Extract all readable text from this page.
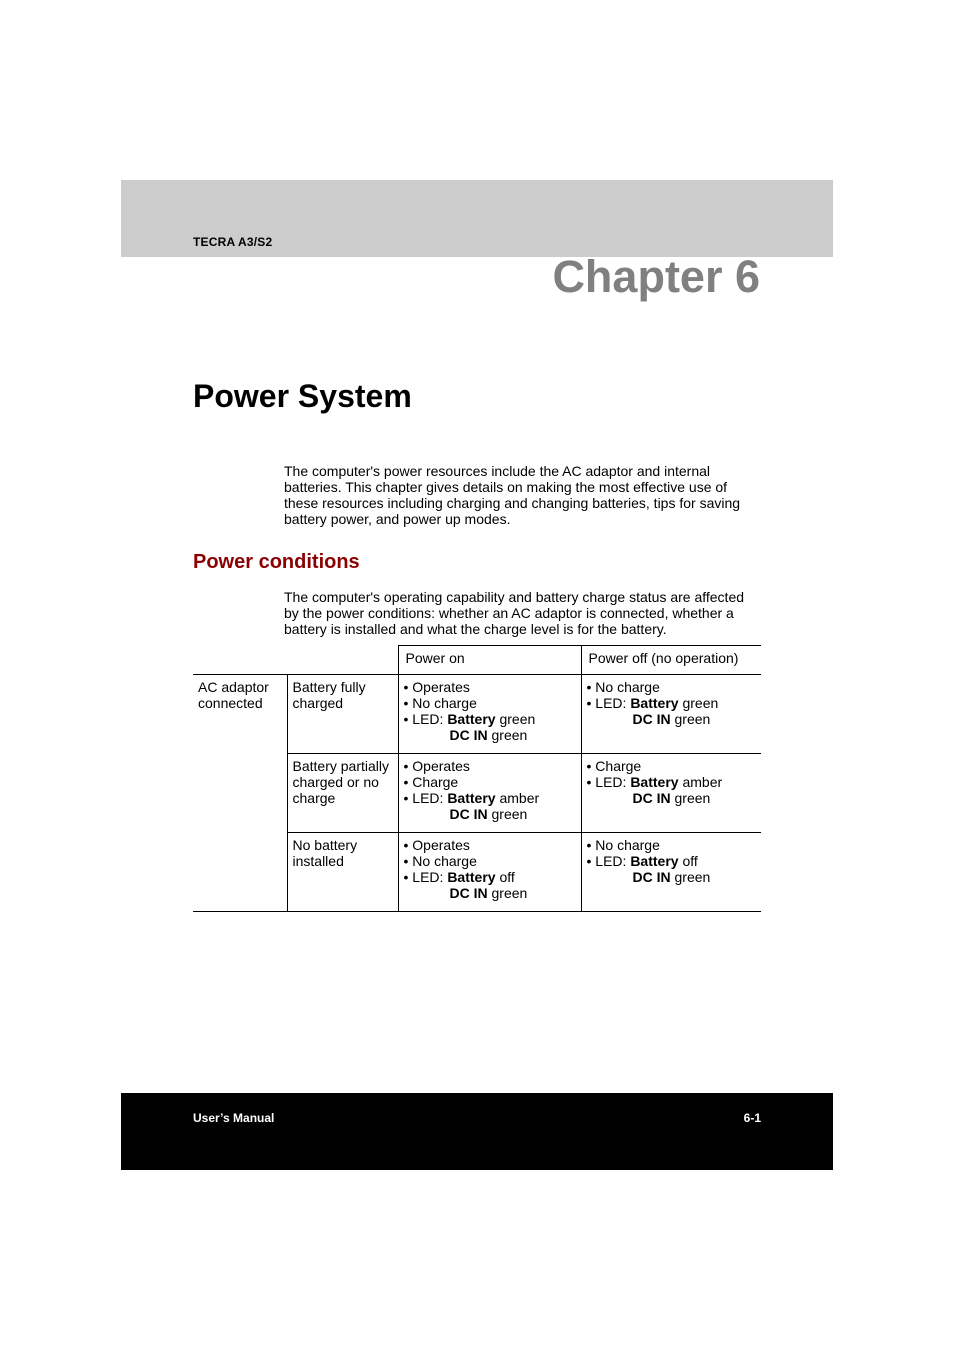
TECRA A3/S2
Chapter 6
Power System

The computer's power resources include the AC adaptor and internal batteries. This chapter gives details on making the most effective use of these resources including charging and changing batteries, tips for saving battery power, and power up modes.

Power conditions

The computer's operating capability and battery charge status are affected by the power conditions: whether an AC adaptor is connected, whether a battery is installed and what the charge level is for the battery.

		Power on	Power off (no operation)
AC adaptor connected	Battery fully charged	• Operates
• No charge
• LED: Battery green
DC IN green	• No charge
• LED: Battery green
DC IN green

	Battery partially charged or no charge	• Operates
• Charge
• LED: Battery amber
DC IN green	• Charge
• LED: Battery amber
DC IN green

	No battery installed	• Operates
• No charge
• LED: Battery off
DC IN green	• No charge
• LED: Battery off
DC IN green
User’s Manual	6-1
